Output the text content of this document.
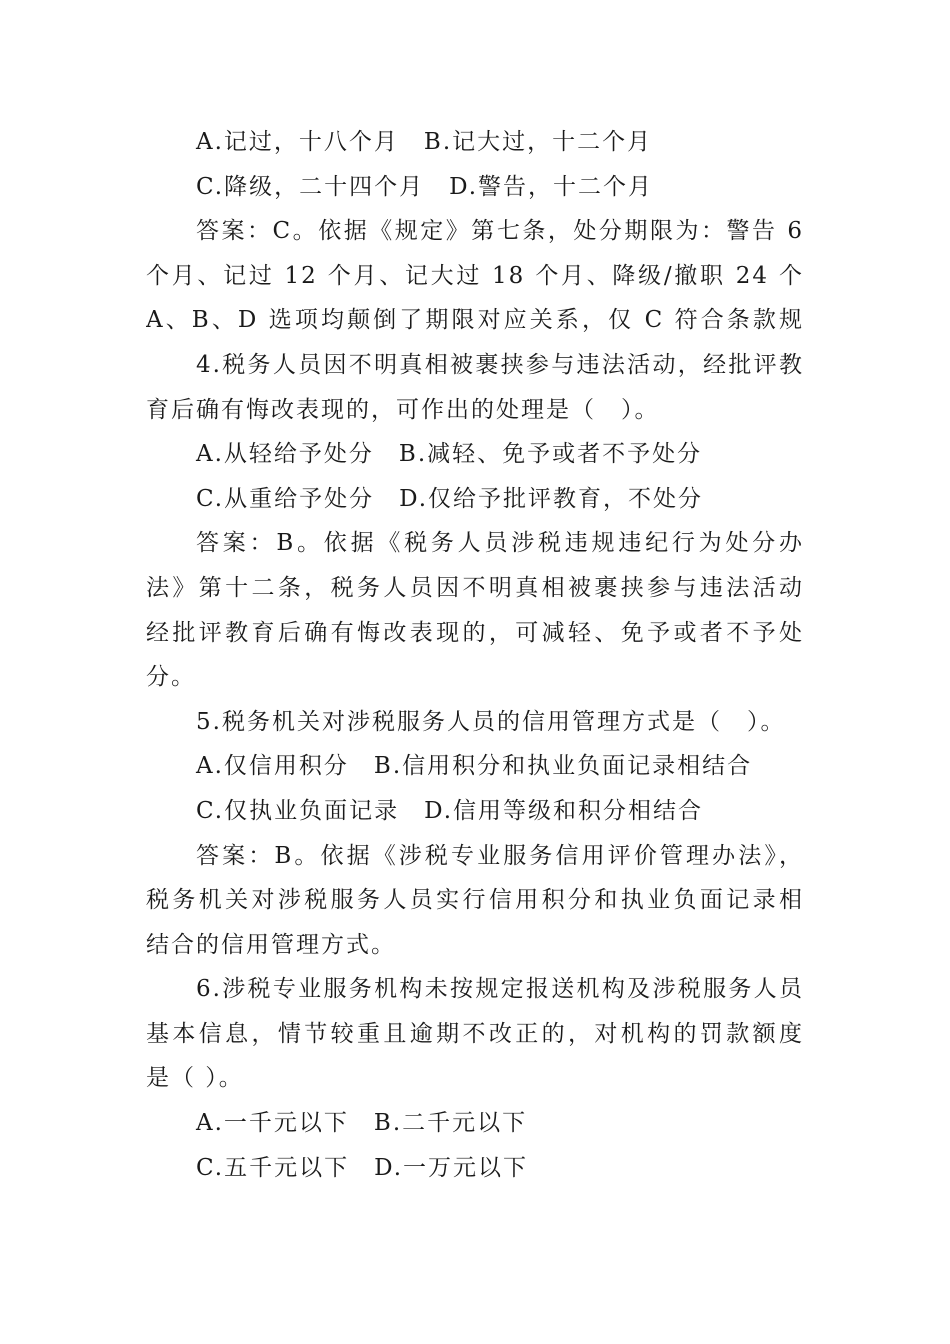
A.记过，十八个月　B.记大过，十二个月
C.降级，二十四个月　D.警告，十二个月
答案：C。依据《规定》第七条，处分期限为：警告 6
个月、记过 12 个月、记大过 18 个月、降级/撤职 24 个
A、B、D 选项均颠倒了期限对应关系，仅 C 符合条款规
4.税务人员因不明真相被裹挟参与违法活动，经批评教
育后确有悔改表现的，可作出的处理是（　）。
A.从轻给予处分　B.减轻、免予或者不予处分
C.从重给予处分　D.仅给予批评教育，不处分
答案：B。依据《税务人员涉税违规违纪行为处分办
法》第十二条，税务人员因不明真相被裹挟参与违法活动
经批评教育后确有悔改表现的，可减轻、免予或者不予处
分。
5.税务机关对涉税服务人员的信用管理方式是（　）。
A.仅信用积分　B.信用积分和执业负面记录相结合
C.仅执业负面记录　D.信用等级和积分相结合
答案：B。依据《涉税专业服务信用评价管理办法》，
税务机关对涉税服务人员实行信用积分和执业负面记录相
结合的信用管理方式。
6.涉税专业服务机构未按规定报送机构及涉税服务人员
基本信息，情节较重且逾期不改正的，对机构的罚款额度
是（ ）。
A.一千元以下　B.二千元以下
C.五千元以下　D.一万元以下
